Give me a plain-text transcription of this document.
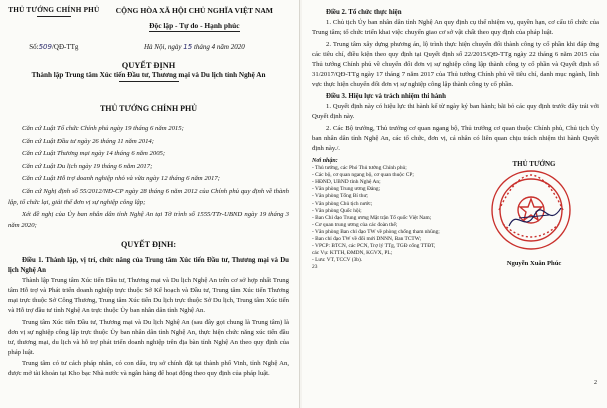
THỦ TƯỚNG CHÍNH PHỦ	CỘNG HÒA XÃ HỘI CHỦ NGHĨA VIỆT NAM
Độc lập - Tự do - Hạnh phúc
Số:509/QĐ-TTg	Hà Nội, ngày 15 tháng 4 năm 2020
QUYẾT ĐỊNH
Thành lập Trung tâm Xúc tiến Đầu tư, Thương mại và Du lịch tỉnh Nghệ An
THỦ TƯỚNG CHÍNH PHỦ

Căn cứ Luật Tổ chức Chính phủ ngày 19 tháng 6 năm 2015;

Căn cứ Luật Đầu tư ngày 26 tháng 11 năm 2014;

Căn cứ Luật Thương mại ngày 14 tháng 6 năm 2005;

Căn cứ Luật Du lịch ngày 19 tháng 6 năm 2017;

Căn cứ Luật Hỗ trợ doanh nghiệp nhỏ và vừa ngày 12 tháng 6 năm 2017;

Căn cứ Nghị định số 55/2012/NĐ-CP ngày 28 tháng 6 năm 2012 của Chính phủ quy định về thành lập, tổ chức lại, giải thể đơn vị sự nghiệp công lập;

Xét đề nghị của Ủy ban nhân dân tỉnh Nghệ An tại Tờ trình số 1555/TTr-UBND ngày 19 tháng 3 năm 2020;

QUYẾT ĐỊNH:
Điều 1. Thành lập, vị trí, chức năng của Trung tâm Xúc tiến Đầu tư, Thương mại và Du lịch Nghệ An

Thành lập Trung tâm Xúc tiến Đầu tư, Thương mại và Du lịch Nghệ An trên cơ sở hợp nhất Trung tâm Hỗ trợ và Phát triển doanh nghiệp trực thuộc Sở Kế hoạch và Đầu tư, Trung tâm Xúc tiến Thương mại trực thuộc Sở Công Thương, Trung tâm Xúc tiến Du lịch trực thuộc Sở Du lịch, Trung tâm Xúc tiến và Hỗ trợ đầu tư tỉnh Nghệ An trực thuộc Ủy ban nhân dân tỉnh Nghệ An.

Trung tâm Xúc tiến Đầu tư, Thương mại và Du lịch Nghệ An (sau đây gọi chung là Trung tâm) là đơn vị sự nghiệp công lập trực thuộc Ủy ban nhân dân tỉnh Nghệ An, thực hiện chức năng xúc tiến đầu tư, thương mại, du lịch và hỗ trợ phát triển doanh nghiệp trên địa bàn tỉnh Nghệ An theo quy định của pháp luật.

Trung tâm có tư cách pháp nhân, có con dấu, trụ sở chính đặt tại thành phố Vinh, tỉnh Nghệ An, được mở tài khoản tại Kho bạc Nhà nước và ngân hàng để hoạt động theo quy định của pháp luật.

Điều 2. Tổ chức thực hiện

1. Chủ tịch Ủy ban nhân dân tỉnh Nghệ An quy định cụ thể nhiệm vụ, quyền hạn, cơ cấu tổ chức của Trung tâm; tổ chức triển khai việc chuyển giao cơ sở vật chất theo quy định của pháp luật.

2. Trung tâm xây dựng phương án, lộ trình thực hiện chuyển đổi thành công ty cổ phần khi đáp ứng các tiêu chí, điều kiện theo quy định tại Quyết định số 22/2015/QĐ-TTg ngày 22 tháng 6 năm 2015 của Thủ tướng Chính phủ về chuyển đổi đơn vị sự nghiệp công lập thành công ty cổ phần và Quyết định số 31/2017/QĐ-TTg ngày 17 tháng 7 năm 2017 của Thủ tướng Chính phủ về tiêu chí, danh mục ngành, lĩnh vực thực hiện chuyển đổi đơn vị sự nghiệp công lập thành công ty cổ phần.

Điều 3. Hiệu lực và trách nhiệm thi hành

1. Quyết định này có hiệu lực thi hành kể từ ngày ký ban hành; bãi bỏ các quy định trước đây trái với Quyết định này.

2. Các Bộ trưởng, Thủ trưởng cơ quan ngang bộ, Thủ trưởng cơ quan thuộc Chính phủ, Chủ tịch Ủy ban nhân dân tỉnh Nghệ An, các tổ chức, đơn vị, cá nhân có liên quan chịu trách nhiệm thi hành Quyết định này./.

Nơi nhận:
- Thủ tướng, các Phó Thủ tướng Chính phủ;
- Các bộ, cơ quan ngang bộ, cơ quan thuộc CP;
- HĐND, UBND tỉnh Nghệ An;
- Văn phòng Trung ương Đảng;
- Văn phòng Tổng Bí thư;
- Văn phòng Chủ tịch nước;
- Văn phòng Quốc hội;
- Ban Chỉ đạo Trung ương Mặt trận Tổ quốc Việt Nam;
- Cơ quan trung ương của các đoàn thể;
- Văn phòng Ban chỉ đạo TW về phòng chống tham nhũng;
- Ban chỉ đạo TW về đổi mới DNNN, Ban TCTW;
- VPCP: BTCN, các PCN, Trợ lý TTg, TGĐ cổng TTĐT,
các Vụ: KTTH, ĐMDN, KGVX, PL;
- Lưu: VT, TCCV (3b).
23
THỦ TƯỚNG
Nguyễn Xuân Phúc
2
